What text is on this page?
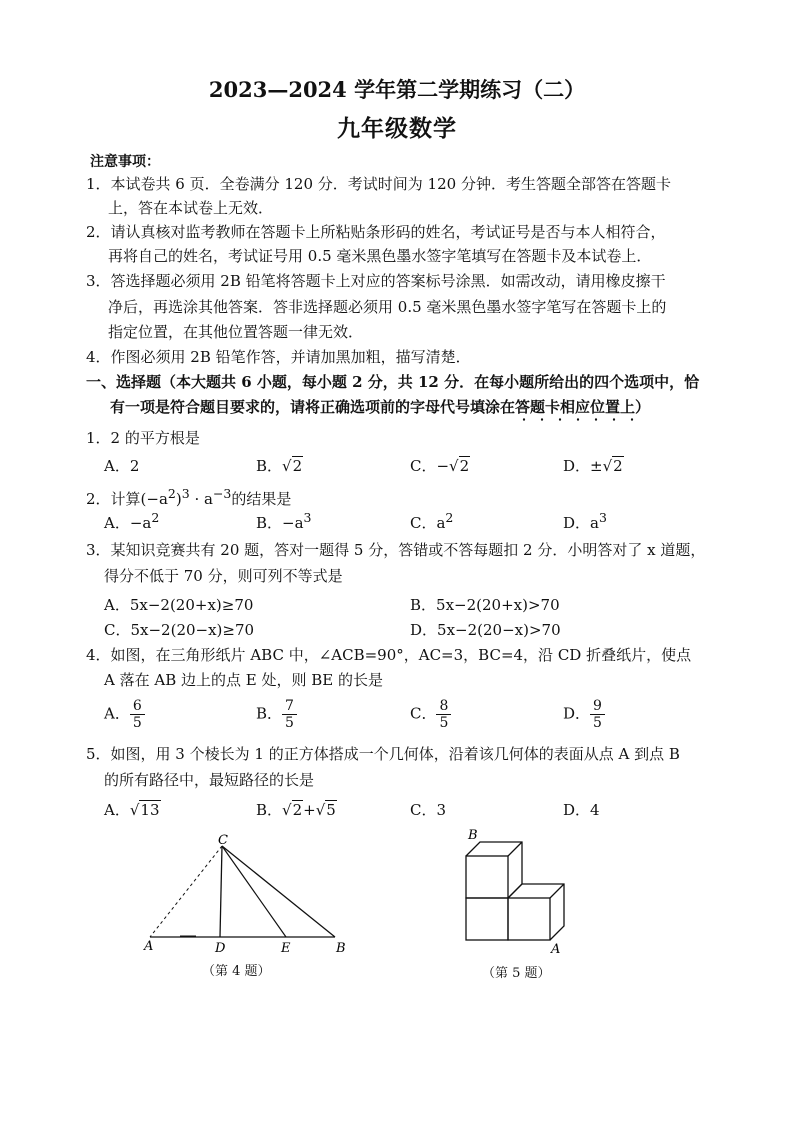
2023—2024 学年第二学期练习（二）
九年级数学
注意事项：
1．本试卷共 6 页．全卷满分 120 分．考试时间为 120 分钟．考生答题全部答在答题卡
上，答在本试卷上无效．
2．请认真核对监考教师在答题卡上所粘贴条形码的姓名，考试证号是否与本人相符合，
再将自己的姓名，考试证号用 0.5 毫米黑色墨水签字笔填写在答题卡及本试卷上．
3．答选择题必须用 2B 铅笔将答题卡上对应的答案标号涂黑．如需改动，请用橡皮擦干
净后，再选涂其他答案．答非选择题必须用 0.5 毫米黑色墨水签字笔写在答题卡上的
指定位置，在其他位置答题一律无效．
4．作图必须用 2B 铅笔作答，并请加黑加粗，描写清楚．
一、选择题（本大题共 6 小题，每小题 2 分，共 12 分．在每小题所给出的四个选项中，恰
有一项是符合题目要求的，请将正确选项前的字母代号填涂在答题卡相应位置上）
1．2 的平方根是
A．2	B．√2	C．−√2	D．±√2
2．计算$(-a^2)^3 \cdot a^{-3}$的结果是
A．$-a^2$	B．$-a^3$	C．$a^2$	D．$a^3$
3．某知识竞赛共有 20 题，答对一题得 5 分，答错或不答每题扣 2 分．小明答对了 x 道题，
得分不低于 70 分，则可列不等式是
A．5x−2(20+x)≥70	B．5x−2(20+x)>70
C．5x−2(20−x)≥70	D．5x−2(20−x)>70
4．如图，在三角形纸片 ABC 中，∠ACB=90°，AC=3，BC=4，沿 CD 折叠纸片，使点
A 落在 AB 边上的点 E 处，则 BE 的长是
A． $\frac{6}{5}$	B． $\frac{7}{5}$	C． $\frac{8}{5}$	D． $\frac{9}{5}$
5．如图，用 3 个棱长为 1 的正方体搭成一个几何体，沿着该几何体的表面从点 A 到点 B
的所有路径中，最短路径的长是
A．√13	B．√2+√5	C．3	D．4
C
A	D	E	B
（第 4 题）
B
A
（第 5 题）
